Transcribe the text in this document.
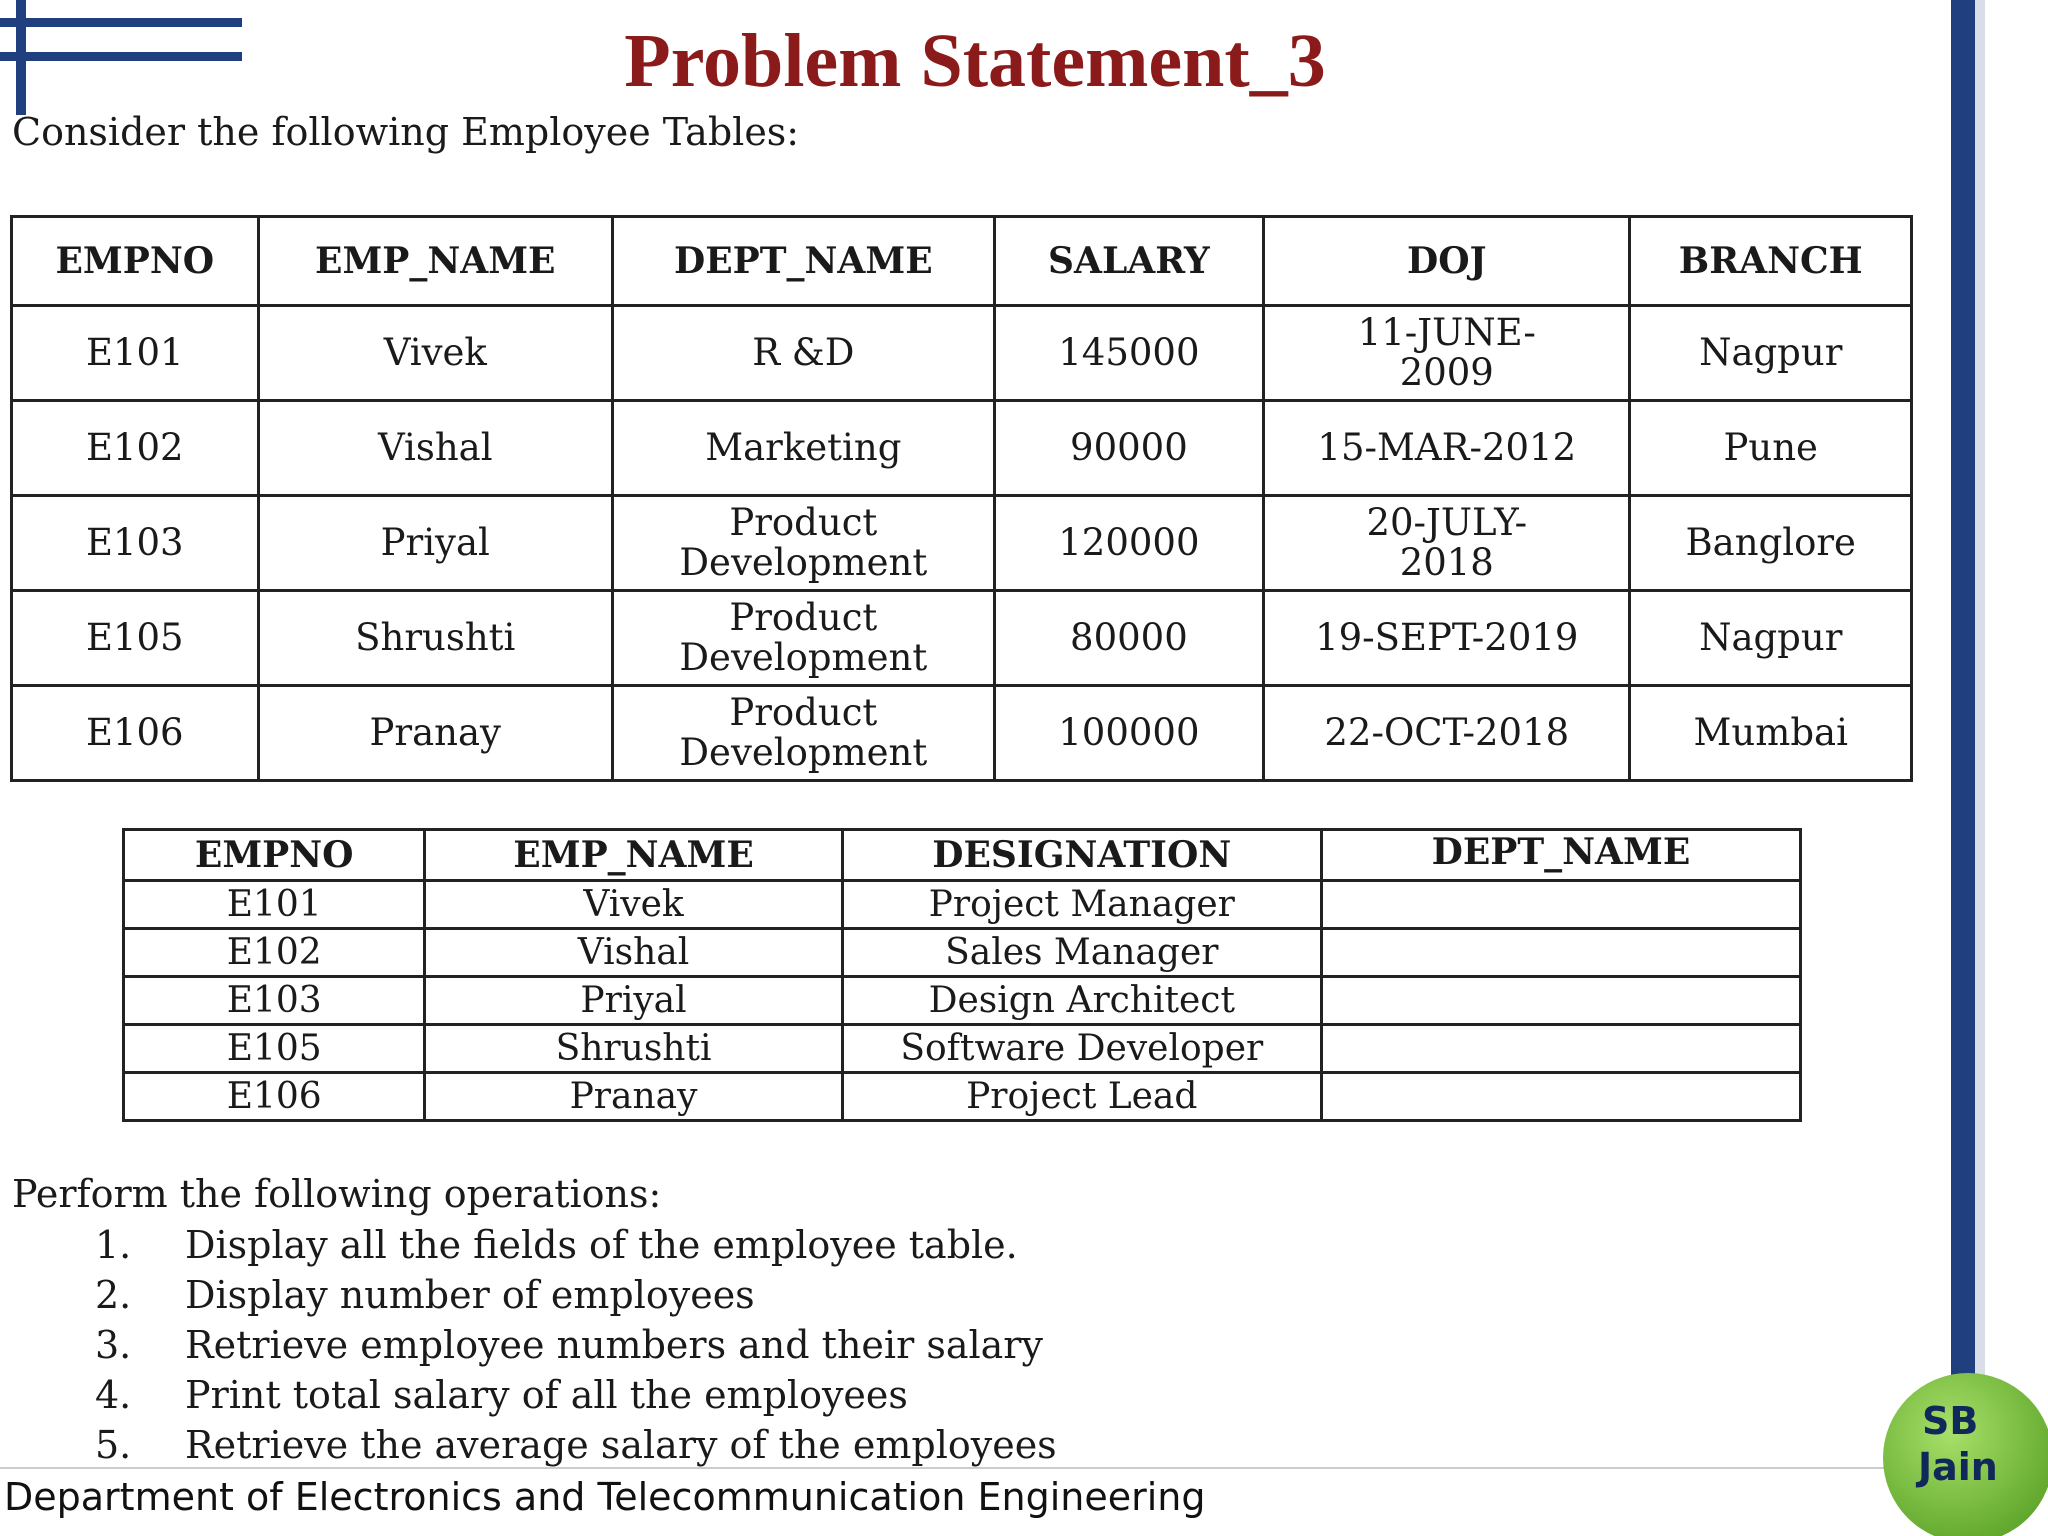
Problem Statement_3
Consider the following Employee Tables:
EMPNO	EMP_NAME	DEPT_NAME	SALARY	DOJ	BRANCH
E101	Vivek	R &D	145000	11-JUNE-2009	Nagpur
E102	Vishal	Marketing	90000	15-MAR-2012	Pune
E103	Priyal	Product Development	120000	20-JULY-2018	Banglore
E105	Shrushti	Product Development	80000	19-SEPT-2019	Nagpur
E106	Pranay	Product Development	100000	22-OCT-2018	Mumbai
EMPNO	EMP_NAME	DESIGNATION	DEPT_NAME
E101	Vivek	Project Manager	
E102	Vishal	Sales Manager	
E103	Priyal	Design Architect	
E105	Shrushti	Software Developer	
E106	Pranay	Project Lead	
Perform the following operations:
1.	Display all the fields of the employee table.
2.	Display number of employees
3.	Retrieve employee numbers and their salary
4.	Print total salary of all the employees
5.	Retrieve the average salary of the employees
Department of Electronics and Telecommunication Engineering
SB
Jain
